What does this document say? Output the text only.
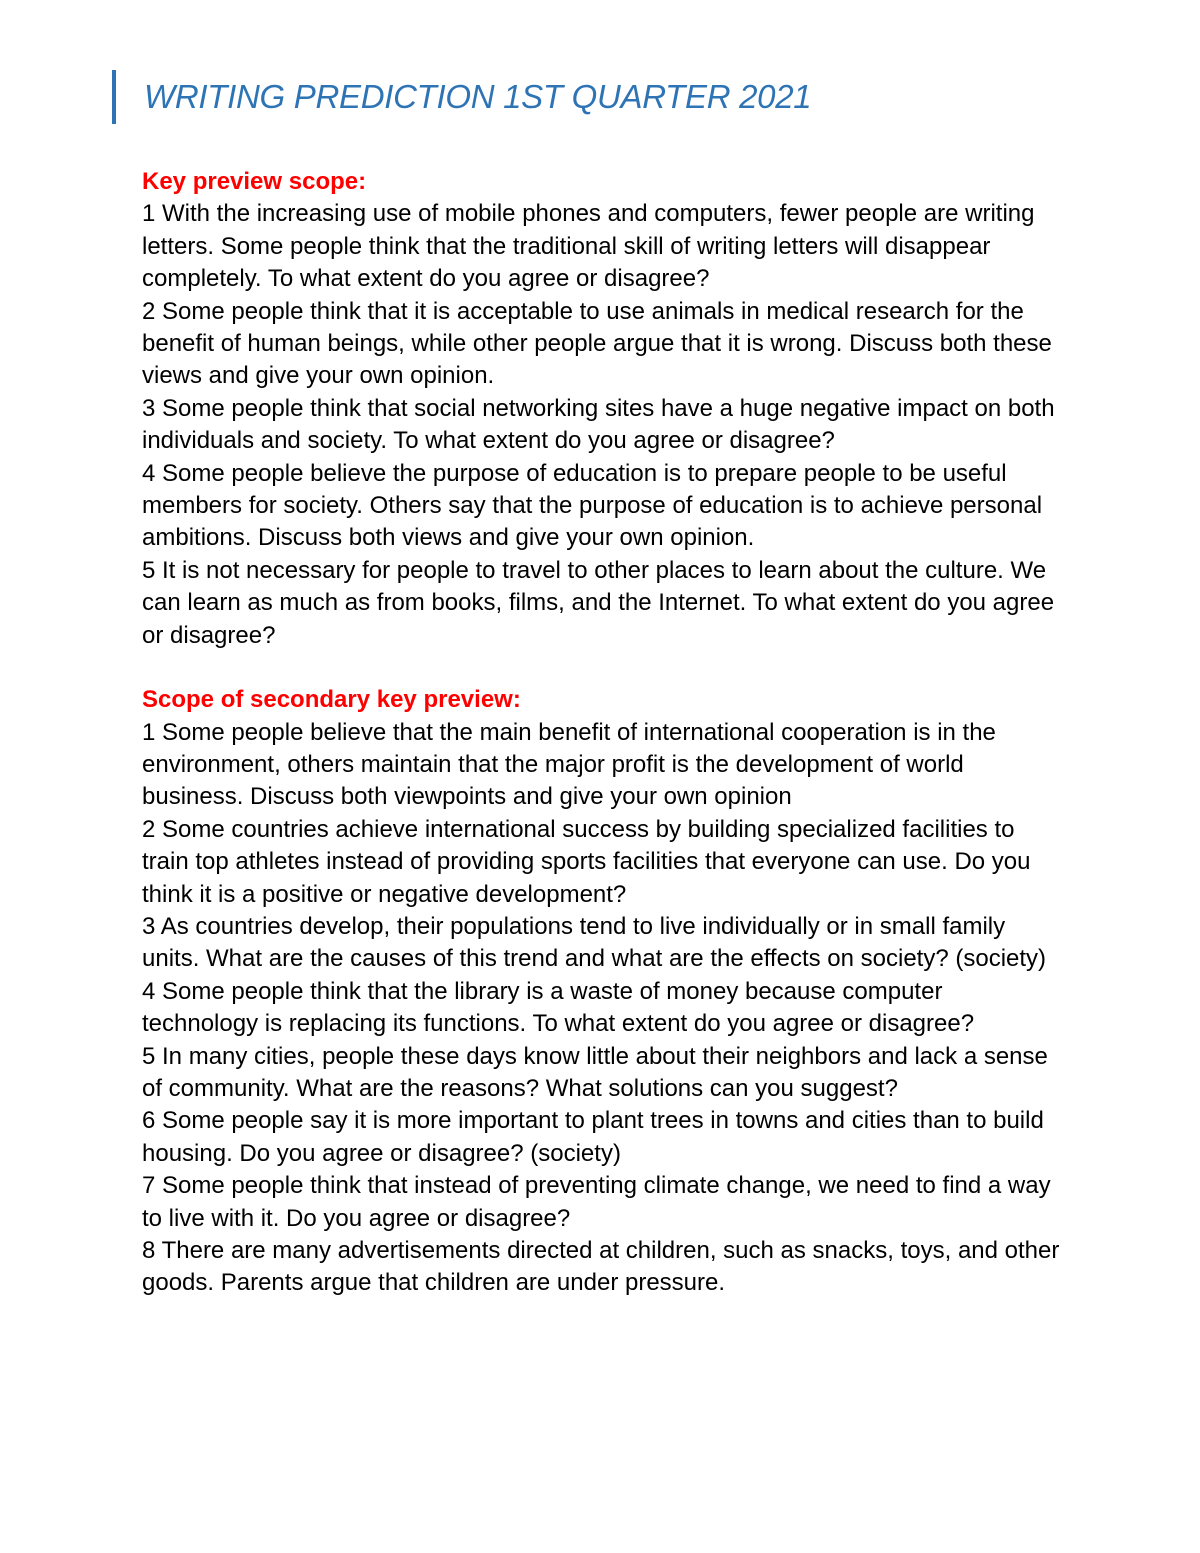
WRITING PREDICTION 1ST QUARTER 2021
Key preview scope:

1 With the increasing use of mobile phones and computers, fewer people are writing letters. Some people think that the traditional skill of writing letters will disappear completely. To what extent do you agree or disagree?

2 Some people think that it is acceptable to use animals in medical research for the benefit of human beings, while other people argue that it is wrong. Discuss both these views and give your own opinion.

3 Some people think that social networking sites have a huge negative impact on both individuals and society. To what extent do you agree or disagree?

4 Some people believe the purpose of education is to prepare people to be useful members for society. Others say that the purpose of education is to achieve personal ambitions. Discuss both views and give your own opinion.

5 It is not necessary for people to travel to other places to learn about the culture. We can learn as much as from books, films, and the Internet. To what extent do you agree or disagree?

Scope of secondary key preview:

1 Some people believe that the main benefit of international cooperation is in the environment, others maintain that the major profit is the development of world business. Discuss both viewpoints and give your own opinion

2 Some countries achieve international success by building specialized facilities to train top athletes instead of providing sports facilities that everyone can use. Do you think it is a positive or negative development?

3 As countries develop, their populations tend to live individually or in small family units. What are the causes of this trend and what are the effects on society? (society)

4 Some people think that the library is a waste of money because computer technology is replacing its functions. To what extent do you agree or disagree?

5 In many cities, people these days know little about their neighbors and lack a sense of community. What are the reasons? What solutions can you suggest?

6 Some people say it is more important to plant trees in towns and cities than to build housing. Do you agree or disagree? (society)

7 Some people think that instead of preventing climate change, we need to find a way to live with it. Do you agree or disagree?

8 There are many advertisements directed at children, such as snacks, toys, and other goods. Parents argue that children are under pressure.
